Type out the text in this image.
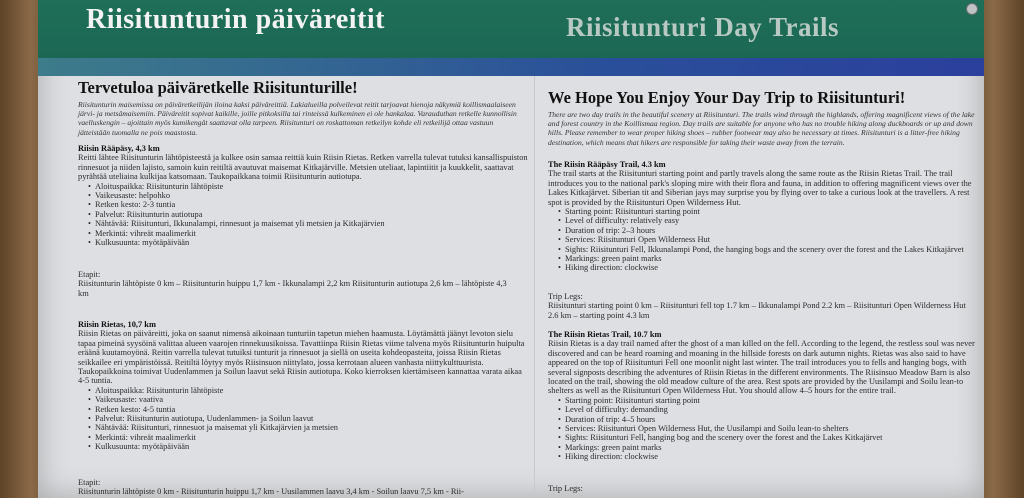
Riisitunturin päiväreitit	Riisitunturi Day Trails
Tervetuloa päiväretkelle Riisitunturille!
Riisitunturin maisemissa on päiväretkeilijän iloina kaksi päiväreittiä. Lakialueilla polveilevat reitit tarjoavat hienoja näkymiä koillismaalaiseen järvi- ja metsämaisemiin. Päiväreitit sopivat kaikille, joille pitkoksilla tai rinteissä kulkeminen ei ole hankalaa. Varauduthan retkelle kunnollisin vaelluskengin – ajoittain myös kumikengät saattavat olla tarpeen. Riisitunturi on roskattoman retkeilyn kohde eli retkeilijä ottaa vastuun jätteistään tuomalla ne pois maastosta.
Riisin Rääpäsy, 4,3 km
Reitti lähtee Riisitunturin lähtöpisteestä ja kulkee osin samaa reittiä kuin Riisin Rietas. Retken varrella tulevat tutuksi kansallispuiston rinnesuot ja niiden lajisto, samoin kuin reitiltä avautuvat maisemat Kitkajärville. Metsien uteliaat, lapintiitit ja kuukkelit, saattavat pyrähtää uteliaina kulkijaa katsomaan. Taukopaikkana toimii Riisitunturin autiotupa.
• Aloituspaikka: Riisitunturin lähtöpiste
• Vaikeusaste: helpohko
• Retken kesto: 2-3 tuntia
• Palvelut: Riisitunturin autiotupa
• Nähtävää: Riisitunturi, Ikkunalampi, rinnesuot ja maisemat yli metsien ja Kitkajärvien
• Merkintä: vihreät maalimerkit
• Kulkusuunta: myötäpäivään
Etapit:
Riisitunturin lähtöpiste 0 km – Riisitunturin huippu 1,7 km - Ikkunalampi 2,2 km Riisitunturin autiotupa 2,6 km – lähtöpiste 4,3 km
Riisin Rietas, 10,7 km
Riisin Rietas on päiväreitti, joka on saanut nimensä aikoinaan tunturiin tapetun miehen haamusta. Löytämättä jäänyt levoton sielu tapaa pimeinä syysöinä valittaa alueen vaarojen rinnekuusikoissa. Tavattiinpa Riisin Rietas viime talvena myös Riisitunturin huipulta eräänä kuutamoyönä. Reitin varrella tulevat tutuiksi tunturit ja rinnesuot ja siellä on useita kohdeopasteita, joissa Riisin Rietas seikkailee eri ympäristöissä. Reitiltä löytyy myös Riisinsuon niittylato, jossa kerrotaan alueen vanhasta niittykulttuurista. Taukopaikkoina toimivat Uudenlammen ja Soilun laavut sekä Riisin autiotupa. Koko kierroksen kiertämiseen kannattaa varata aikaa 4-5 tuntia.
• Aloituspaikka: Riisitunturin lähtöpiste
• Vaikeusaste: vaativa
• Retken kesto: 4-5 tuntia
• Palvelut: Riisitunturin autiotupa, Uudenlammen- ja Soilun laavut
• Nähtävää: Riisitunturi, rinnesuot ja maisemat yli Kitkajärvien ja metsien
• Merkintä: vihreät maalimerkit
• Kulkusuunta: myötäpäivään
Etapit:
Riisitunturin lähtöpiste 0 km - Riisitunturin huippu 1,7 km - Uusilammen laavu 3,4 km - Soilun laavu 7,5 km - Rii-
We Hope You Enjoy Your Day Trip to Riisitunturi!
There are two day trails in the beautiful scenery at Riisitunturi. The trails wind through the highlands, offering magnificent views of the lake and forest country in the Koillismaa region. Day trails are suitable for anyone who has no trouble hiking along duckboards or up and down hills. Please remember to wear proper hiking shoes – rubber footwear may also be necessary at times. Riisitunturi is a litter-free hiking destination, which means that hikers are responsible for taking their waste away from the terrain.
The Riisin Rääpäsy Trail, 4.3 km
The trail starts at the Riisitunturi starting point and partly travels along the same route as the Riisin Rietas Trail. The trail introduces you to the national park's sloping mire with their flora and fauna, in addition to offering magnificent views over the Lakes Kitkajärvet. Siberian tit and Siberian jays may surprise you by flying over to take a curious look at the travellers. A rest spot is provided by the Riisitunturi Open Wilderness Hut.
• Starting point: Riisitunturi starting point
• Level of difficulty: relatively easy
• Duration of trip: 2–3 hours
• Services: Riisitunturi Open Wilderness Hut
• Sights: Riisitunturi Fell, Ikkunalampi Pond, the hanging bogs and the scenery over the forest and the Lakes Kitkajärvet
• Markings: green paint marks
• Hiking direction: clockwise
Trip Legs:
Riisitunturi starting point 0 km – Riisitunturi fell top 1.7 km – Ikkunalampi Pond 2.2 km – Riisitunturi Open Wilderness Hut 2.6 km – starting point 4.3 km
The Riisin Rietas Trail, 10.7 km
Riisin Rietas is a day trail named after the ghost of a man killed on the fell. According to the legend, the restless soul was never discovered and can be heard roaming and moaning in the hillside forests on dark autumn nights. Rietas was also said to have appeared on the top of Riisitunturi Fell one moonlit night last winter. The trail introduces you to fells and hanging bogs, with several signposts describing the adventures of Riisin Rietas in the different environments. The Riisinsuo Meadow Barn is also located on the trail, showing the old meadow culture of the area. Rest spots are provided by the Uusilampi and Soilu lean-to shelters as well as the Riisitunturi Open Wilderness Hut. You should allow 4–5 hours for the entire trail.
• Starting point: Riisitunturi starting point
• Level of difficulty: demanding
• Duration of trip: 4–5 hours
• Services: Riisitunturi Open Wilderness Hut, the Uusilampi and Soilu lean-to shelters
• Sights: Riisitunturi Fell, hanging bog and the scenery over the forest and the Lakes Kitkajärvet
• Markings: green paint marks
• Hiking direction: clockwise
Trip Legs:
